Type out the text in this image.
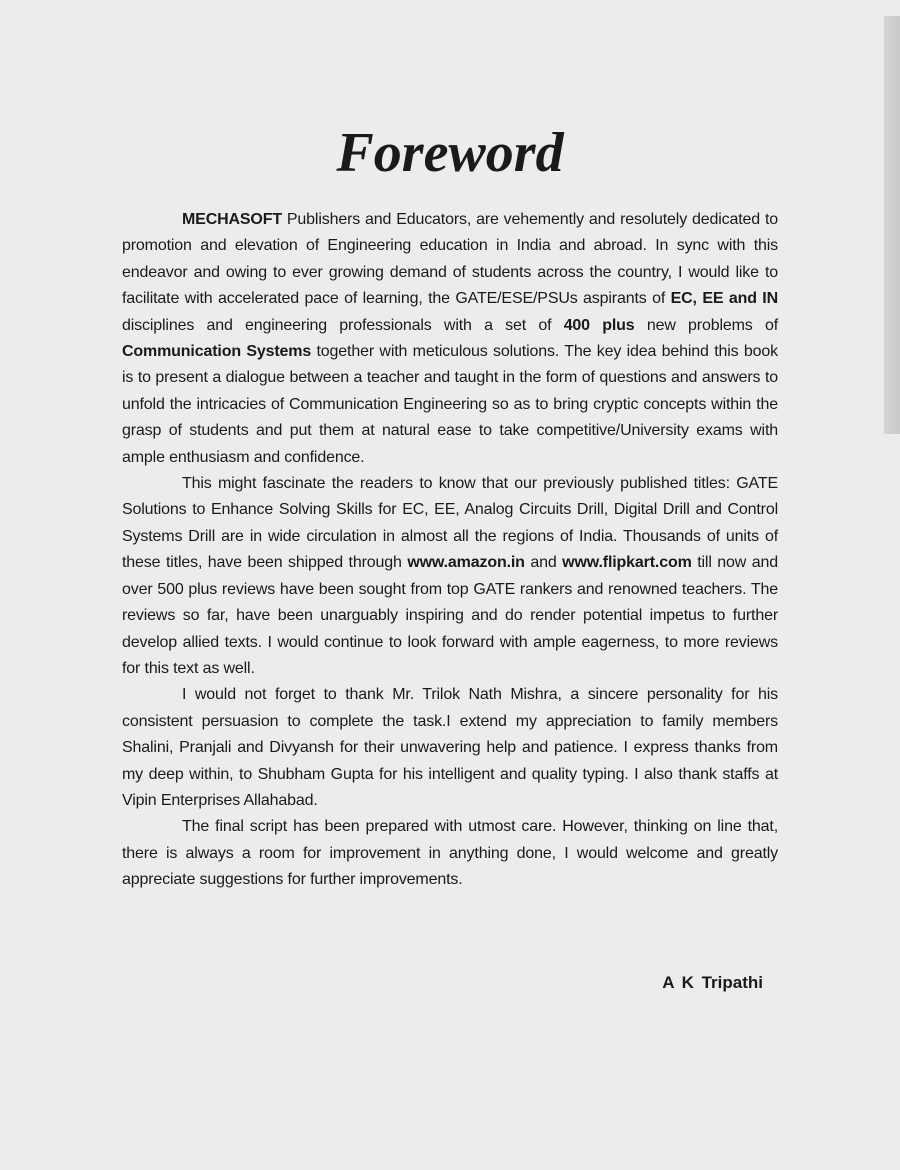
Foreword

MECHASOFT Publishers and Educators, are vehemently and resolutely dedicated to promotion and elevation of Engineering education in India and abroad. In sync with this endeavor and owing to ever growing demand of students across the country, I would like to facilitate with accelerated pace of learning, the GATE/ESE/PSUs aspirants of EC, EE and IN disciplines and engineering professionals with a set of 400 plus new problems of Communication Systems together with meticulous solutions. The key idea behind this book is to present a dialogue between a teacher and taught in the form of questions and answers to unfold the intricacies of Communication Engineering so as to bring cryptic concepts within the grasp of students and put them at natural ease to take competitive/University exams with ample enthusiasm and confidence.

This might fascinate the readers to know that our previously published titles: GATE Solutions to Enhance Solving Skills for EC, EE, Analog Circuits Drill, Digital Drill and Control Systems Drill are in wide circulation in almost all the regions of India. Thousands of units of these titles, have been shipped through www.amazon.in and www.flipkart.com till now and over 500 plus reviews have been sought from top GATE rankers and renowned teachers. The reviews so far, have been unarguably inspiring and do render potential impetus to further develop allied texts. I would continue to look forward with ample eagerness, to more reviews for this text as well.

I would not forget to thank Mr. Trilok Nath Mishra, a sincere personality for his consistent persuasion to complete the task.I extend my appreciation to family members Shalini, Pranjali and Divyansh for their unwavering help and patience. I express thanks from my deep within, to Shubham Gupta for his intelligent and quality typing. I also thank staffs at Vipin Enterprises Allahabad.

The final script has been prepared with utmost care. However, thinking on line that, there is always a room for improvement in anything done, I would welcome and greatly appreciate suggestions for further improvements.

A K Tripathi
